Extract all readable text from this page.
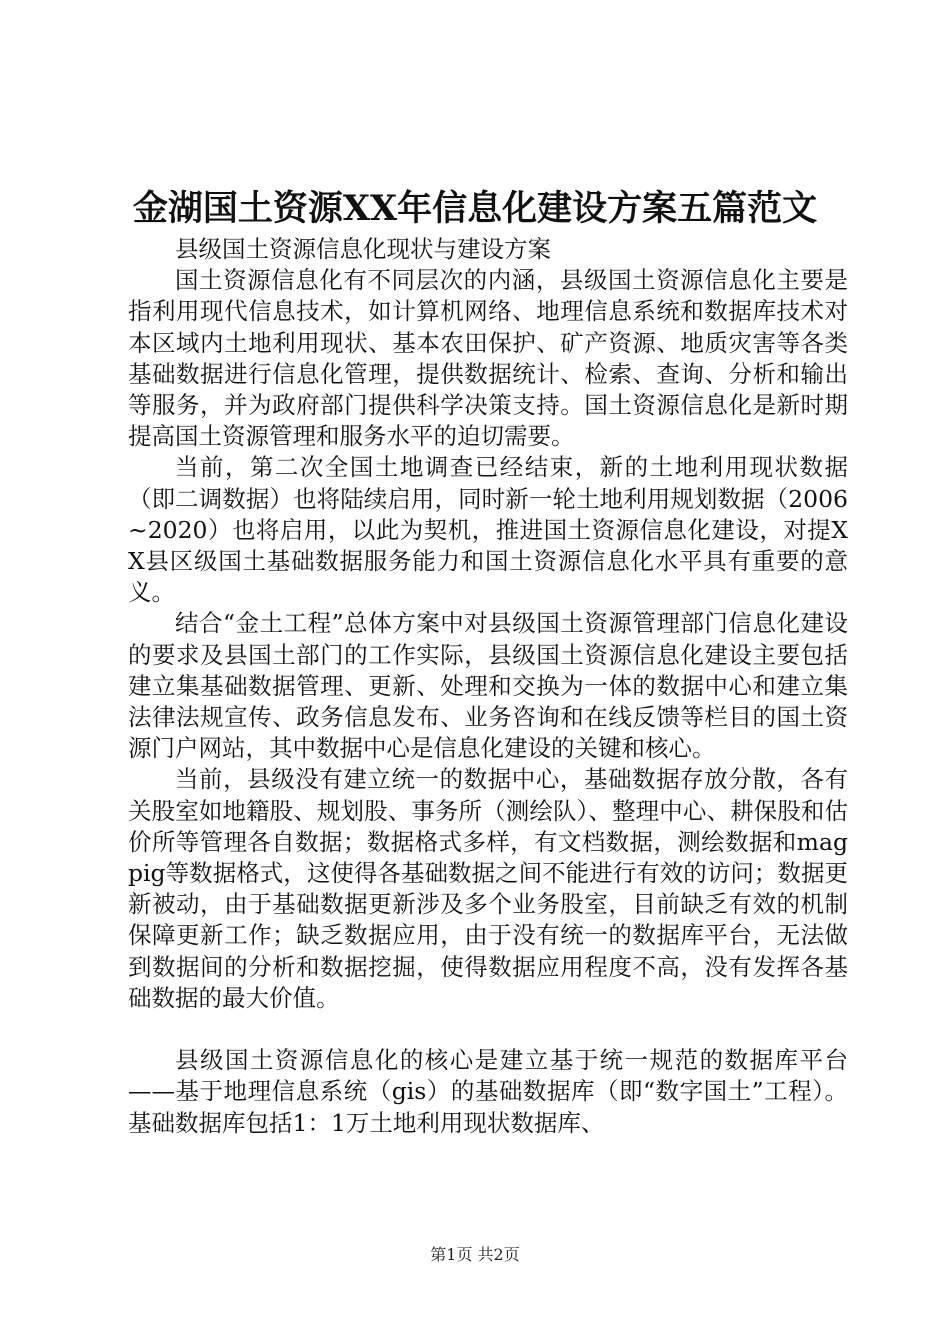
金湖国土资源XX年信息化建设方案五篇范文

县级国土资源信息化现状与建设方案

国土资源信息化有不同层次的内涵，县级国土资源信息化主要是指利用现代信息技术，如计算机网络、地理信息系统和数据库技术对本区域内土地利用现状、基本农田保护、矿产资源、地质灾害等各类基础数据进行信息化管理，提供数据统计、检索、查询、分析和输出等服务，并为政府部门提供科学决策支持。国土资源信息化是新时期提高国土资源管理和服务水平的迫切需要。

当前，第二次全国土地调查已经结束，新的土地利用现状数据（即二调数据）也将陆续启用，同时新一轮土地利用规划数据（2006~2020）也将启用，以此为契机，推进国土资源信息化建设，对提XX县区级国土基础数据服务能力和国土资源信息化水平具有重要的意义。

结合“金土工程”总体方案中对县级国土资源管理部门信息化建设的要求及县国土部门的工作实际，县级国土资源信息化建设主要包括建立集基础数据管理、更新、处理和交换为一体的数据中心和建立集法律法规宣传、政务信息发布、业务咨询和在线反馈等栏目的国土资源门户网站，其中数据中心是信息化建设的关键和核心。

当前，县级没有建立统一的数据中心，基础数据存放分散，各有关股室如地籍股、规划股、事务所（测绘队）、整理中心、耕保股和估价所等管理各自数据；数据格式多样，有文档数据，测绘数据和magpig等数据格式，这使得各基础数据之间不能进行有效的访问；数据更新被动，由于基础数据更新涉及多个业务股室，目前缺乏有效的机制保障更新工作；缺乏数据应用，由于没有统一的数据库平台，无法做到数据间的分析和数据挖掘，使得数据应用程度不高，没有发挥各基础数据的最大价值。

县级国土资源信息化的核心是建立基于统一规范的数据库平台——基于地理信息系统（gis）的基础数据库（即“数字国土”工程）。基础数据库包括1：1万土地利用现状数据库、

第1页 共2页
